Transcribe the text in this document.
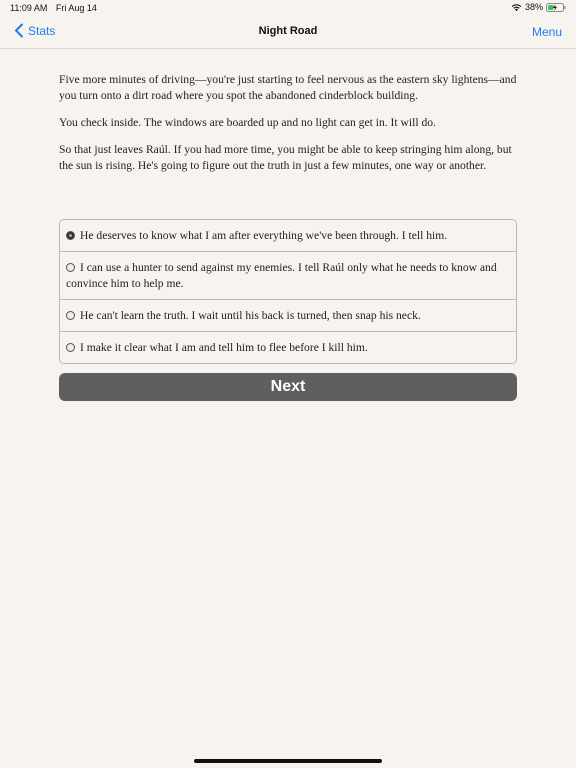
11:09 AM Fri Aug 14	38%
Stats	Night Road	Menu

Five more minutes of driving—you're just starting to feel nervous as the eastern sky lightens—and you turn onto a dirt road where you spot the abandoned cinderblock building.

You check inside. The windows are boarded up and no light can get in. It will do.

So that just leaves Raúl. If you had more time, you might be able to keep stringing him along, but the sun is rising. He's going to figure out the truth in just a few minutes, one way or another.

He deserves to know what I am after everything we've been through. I tell him.
I can use a hunter to send against my enemies. I tell Raúl only what he needs to know and convince him to help me.
He can't learn the truth. I wait until his back is turned, then snap his neck.
I make it clear what I am and tell him to flee before I kill him.
Next
